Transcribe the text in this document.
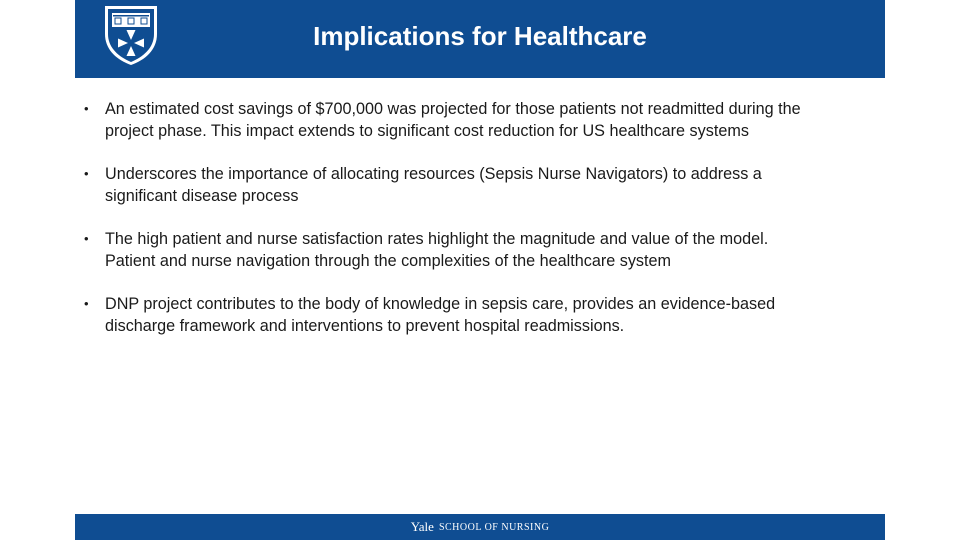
Implications for Healthcare
• An estimated cost savings of $700,000 was projected for those patients not readmitted during the project phase. This impact extends to significant cost reduction for US healthcare systems
• Underscores the importance of allocating resources (Sepsis Nurse Navigators) to address a significant disease process
• The high patient and nurse satisfaction rates highlight the magnitude and value of the model. Patient and nurse navigation through the complexities of the healthcare system
• DNP project contributes to the body of knowledge in sepsis care, provides an evidence-based discharge framework and interventions to prevent hospital readmissions.
Yale SCHOOL OF NURSING
